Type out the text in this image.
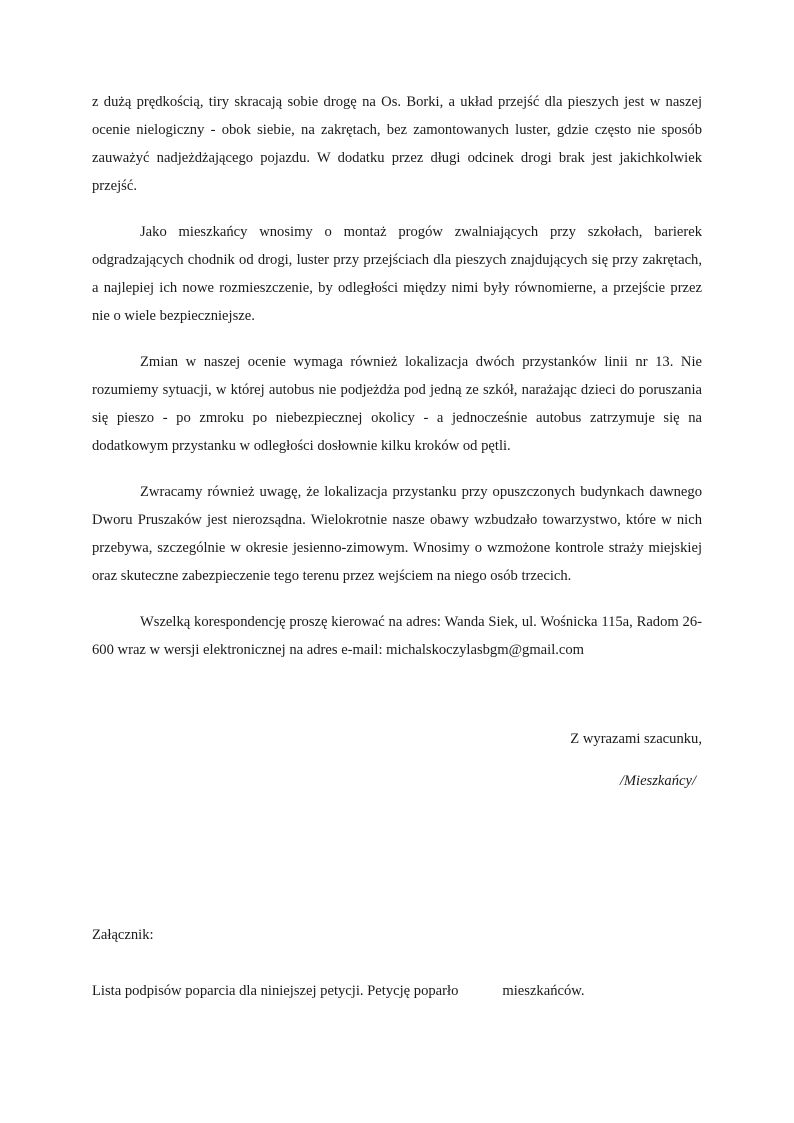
z dużą prędkością, tiry skracają sobie drogę na Os. Borki, a układ przejść dla pieszych jest w naszej ocenie nielogiczny - obok siebie, na zakrętach, bez zamontowanych luster, gdzie często nie sposób zauważyć nadjeżdżającego pojazdu. W dodatku przez długi odcinek drogi brak jest jakichkolwiek przejść.

Jako mieszkańcy wnosimy o montaż progów zwalniających przy szkołach, barierek odgradzających chodnik od drogi, luster przy przejściach dla pieszych znajdujących się przy zakrętach, a najlepiej ich nowe rozmieszczenie, by odległości między nimi były równomierne, a przejście przez nie o wiele bezpieczniejsze.

Zmian w naszej ocenie wymaga również lokalizacja dwóch przystanków linii nr 13. Nie rozumiemy sytuacji, w której autobus nie podjeżdża pod jedną ze szkół, narażając dzieci do poruszania się pieszo - po zmroku po niebezpiecznej okolicy - a jednocześnie autobus zatrzymuje się na dodatkowym przystanku w odległości dosłownie kilku kroków od pętli.

Zwracamy również uwagę, że lokalizacja przystanku przy opuszczonych budynkach dawnego Dworu Pruszaków jest nierozsądna. Wielokrotnie nasze obawy wzbudzało towarzystwo, które w nich przebywa, szczególnie w okresie jesienno-zimowym. Wnosimy o wzmożone kontrole straży miejskiej oraz skuteczne zabezpieczenie tego terenu przez wejściem na niego osób trzecich.

Wszelką korespondencję proszę kierować na adres: Wanda Siek, ul. Wośnicka 115a, Radom 26-600 wraz w wersji elektronicznej na adres e-mail: michalskoczylasbgm@gmail.com

Z wyrazami szacunku,
/Mieszkańcy/

Załącznik:

Lista podpisów poparcia dla niniejszej petycji. Petycję poparło	mieszkańców.
